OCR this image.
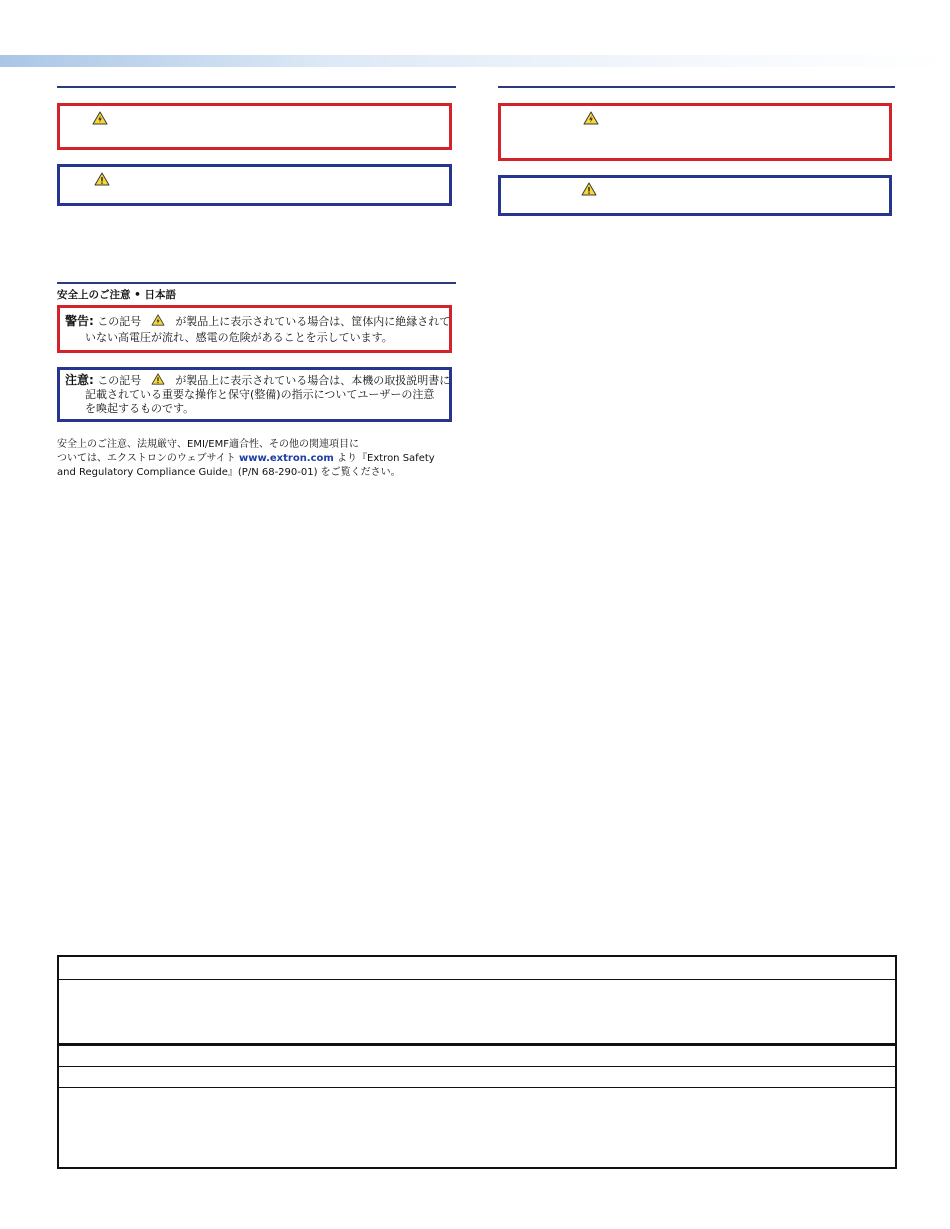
安全上のご注意 • 日本語
警告: この記号	が製品上に表示されている場合は、筐体内に絶縁されて
いない高電圧が流れ、感電の危険があることを示しています。
注意: この記号	が製品上に表示されている場合は、本機の取扱説明書に
記載されている重要な操作と保守(整備)の指示についてユーザーの注意
を喚起するものです。
安全上のご注意、法規厳守、EMI/EMF適合性、その他の関連項目に
ついては、エクストロンのウェブサイト www.extron.com より『Extron Safety
and Regulatory Compliance Guide』(P/N 68-290-01) をご覧ください。
